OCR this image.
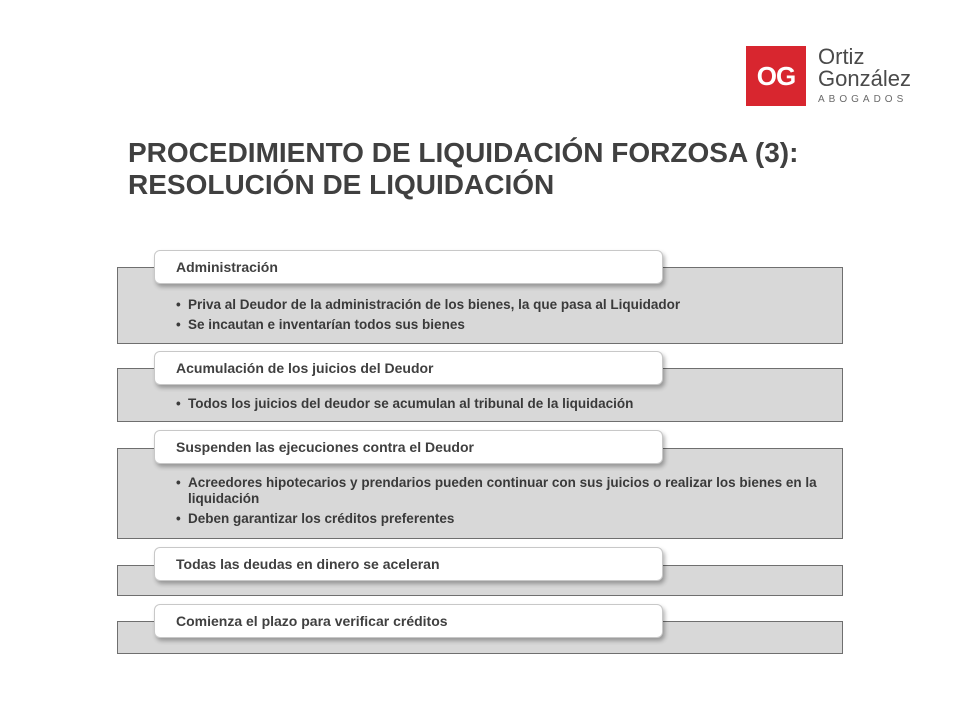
OG
Ortiz
González
ABOGADOS
PROCEDIMIENTO DE LIQUIDACIÓN FORZOSA (3): RESOLUCIÓN DE LIQUIDACIÓN
• Priva al Deudor de la administración de los bienes, la que pasa al Liquidador
• Se incautan e inventarían todos sus bienes
Administración
• Todos los juicios del deudor se acumulan al tribunal de la liquidación
Acumulación de los juicios del Deudor
• Acreedores hipotecarios y prendarios pueden continuar con sus juicios o realizar los bienes en la liquidación
• Deben garantizar los créditos preferentes
Suspenden las ejecuciones contra el Deudor
Todas las deudas en dinero se aceleran
Comienza el plazo para verificar créditos
